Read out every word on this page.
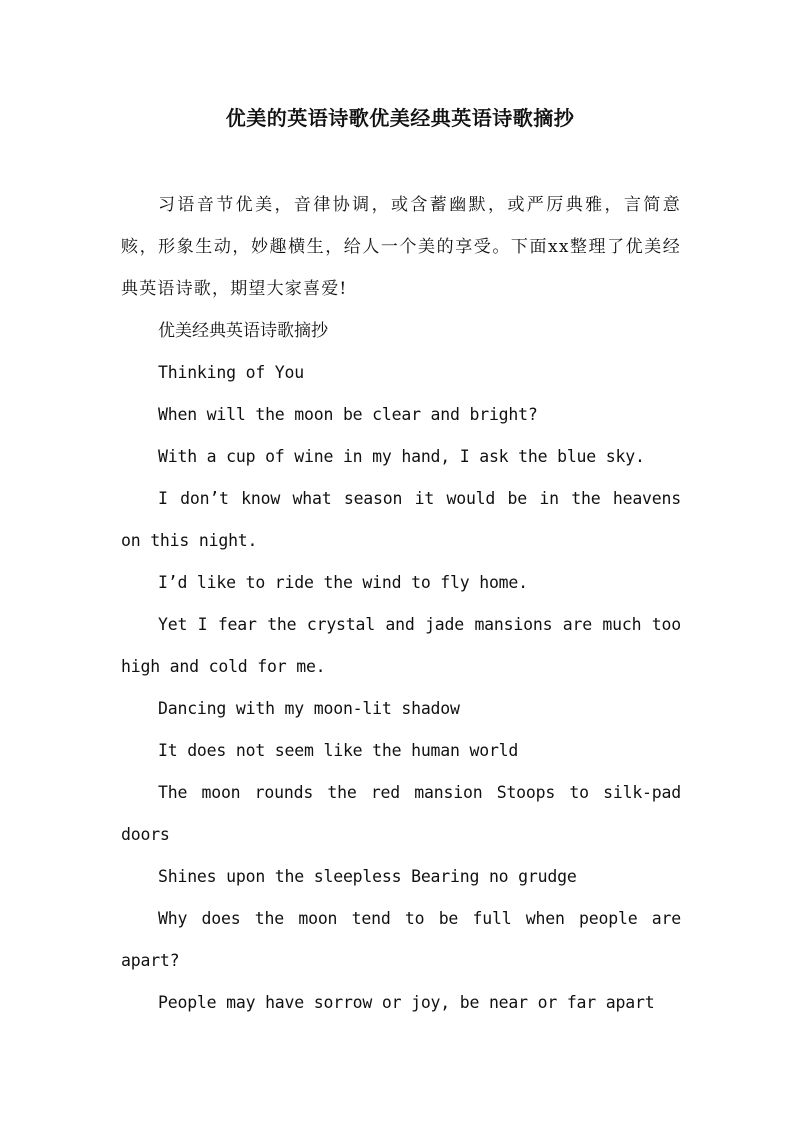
优美的英语诗歌优美经典英语诗歌摘抄

习语音节优美，音律协调，或含蓄幽默，或严厉典雅，言简意赅，形象生动，妙趣横生，给人一个美的享受。下面xx整理了优美经典英语诗歌，期望大家喜爱!

优美经典英语诗歌摘抄

Thinking of You

When will the moon be clear and bright?

With a cup of wine in my hand, I ask the blue sky.

I don’t know what season it would be in the heavens on this night.

I’d like to ride the wind to fly home.

Yet I fear the crystal and jade mansions are much too high and cold for me.

Dancing with my moon-lit shadow

It does not seem like the human world

The moon rounds the red mansion Stoops to silk-pad doors

Shines upon the sleepless Bearing no grudge

Why does the moon tend to be full when people are apart?

People may have sorrow or joy, be near or far apart
